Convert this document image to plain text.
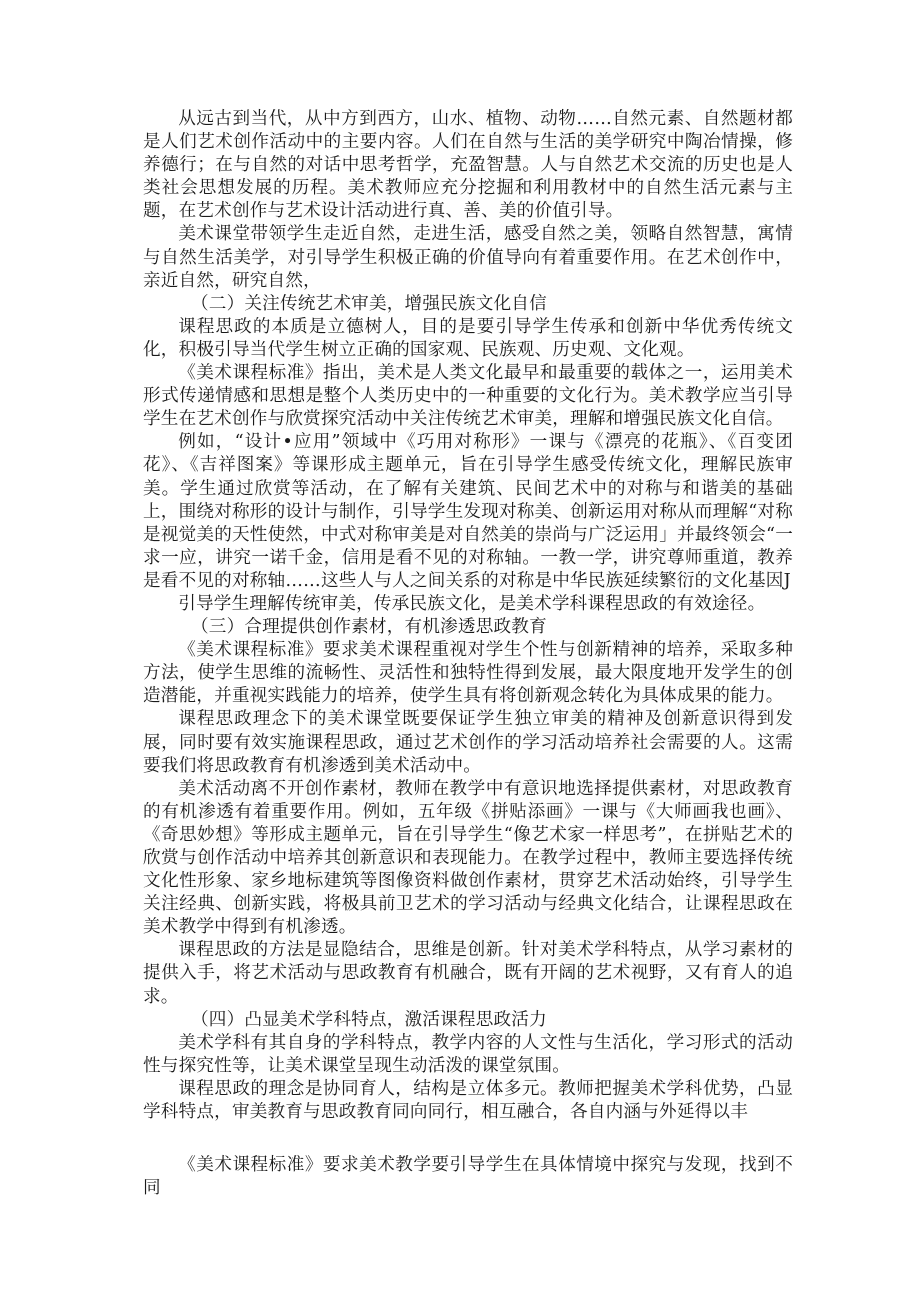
从远古到当代，从中方到西方，山水、植物、动物……自然元素、自然题材都是人们艺术创作活动中的主要内容。人们在自然与生活的美学研究中陶冶情操，修养德行；在与自然的对话中思考哲学，充盈智慧。人与自然艺术交流的历史也是人类社会思想发展的历程。美术教师应充分挖掘和利用教材中的自然生活元素与主题，在艺术创作与艺术设计活动进行真、善、美的价值引导。

美术课堂带领学生走近自然，走进生活，感受自然之美，领略自然智慧，寓情与自然生活美学，对引导学生积极正确的价值导向有着重要作用。在艺术创作中，亲近自然，研究自然，

（二）关注传统艺术审美，增强民族文化自信

课程思政的本质是立德树人，目的是要引导学生传承和创新中华优秀传统文化，积极引导当代学生树立正确的国家观、民族观、历史观、文化观。

《美术课程标准》指出，美术是人类文化最早和最重要的载体之一，运用美术形式传递情感和思想是整个人类历史中的一种重要的文化行为。美术教学应当引导学生在艺术创作与欣赏探究活动中关注传统艺术审美，理解和增强民族文化自信。

例如，“设计•应用”领域中《巧用对称形》一课与《漂亮的花瓶》、《百变团花》、《吉祥图案》等课形成主题单元，旨在引导学生感受传统文化，理解民族审美。学生通过欣赏等活动，在了解有关建筑、民间艺术中的对称与和谐美的基础上，围绕对称形的设计与制作，引导学生发现对称美、创新运用对称从而理解“对称是视觉美的天性使然，中式对称审美是对自然美的崇尚与广泛运用」并最终领会“一求一应，讲究一诺千金，信用是看不见的对称轴。一教一学，讲究尊师重道，教养是看不见的对称轴……这些人与人之间关系的对称是中华民族延续繁衍的文化基因J

引导学生理解传统审美，传承民族文化，是美术学科课程思政的有效途径。

（三）合理提供创作素材，有机渗透思政教育

《美术课程标准》要求美术课程重视对学生个性与创新精神的培养，采取多种方法，使学生思维的流畅性、灵活性和独特性得到发展，最大限度地开发学生的创造潜能，并重视实践能力的培养，使学生具有将创新观念转化为具体成果的能力。

课程思政理念下的美术课堂既要保证学生独立审美的精神及创新意识得到发展，同时要有效实施课程思政，通过艺术创作的学习活动培养社会需要的人。这需要我们将思政教育有机渗透到美术活动中。

美术活动离不开创作素材，教师在教学中有意识地选择提供素材，对思政教育的有机渗透有着重要作用。例如，五年级《拼贴添画》一课与《大师画我也画》、《奇思妙想》等形成主题单元，旨在引导学生“像艺术家一样思考”，在拼贴艺术的欣赏与创作活动中培养其创新意识和表现能力。在教学过程中，教师主要选择传统文化性形象、家乡地标建筑等图像资料做创作素材，贯穿艺术活动始终，引导学生关注经典、创新实践，将极具前卫艺术的学习活动与经典文化结合，让课程思政在美术教学中得到有机渗透。

课程思政的方法是显隐结合，思维是创新。针对美术学科特点，从学习素材的提供入手，将艺术活动与思政教育有机融合，既有开阔的艺术视野，又有育人的追求。

（四）凸显美术学科特点，激活课程思政活力

美术学科有其自身的学科特点，教学内容的人文性与生活化，学习形式的活动性与探究性等，让美术课堂呈现生动活泼的课堂氛围。

课程思政的理念是协同育人，结构是立体多元。教师把握美术学科优势，凸显学科特点，审美教育与思政教育同向同行，相互融合，各自内涵与外延得以丰

《美术课程标准》要求美术教学要引导学生在具体情境中探究与发现，找到不同
